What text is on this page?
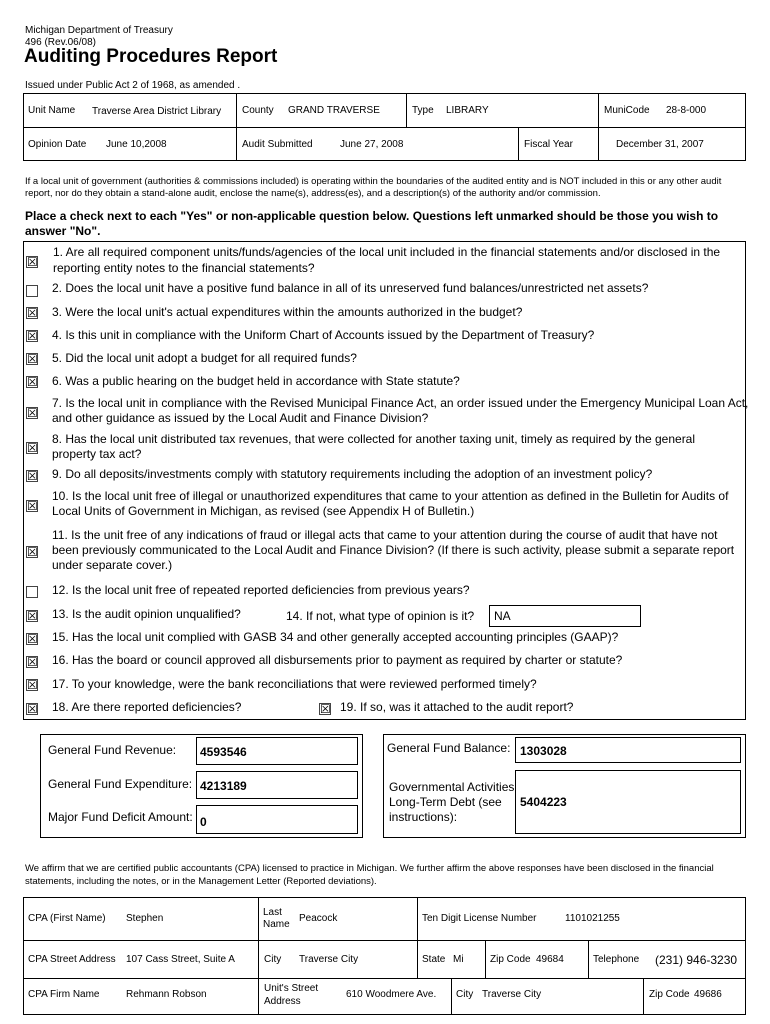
Michigan Department of Treasury
496 (Rev.06/08)
Auditing Procedures Report
Issued under Public Act 2 of 1968, as amended .
Unit Name Traverse Area District Library County GRAND TRAVERSE	Type LIBRARY	MuniCode 28-8-000
Opinion Date June 10,2008	Audit Submitted	June 27, 2008	Fiscal Year	December 31, 2007
If a local unit of government (authorities & commissions included) is operating within the boundaries of the audited entity and is NOT included in this or any other audit report, nor do they obtain a stand-alone audit, enclose the name(s), address(es), and a description(s) of the authority and/or commission.
Place a check next to each "Yes" or non-applicable question below. Questions left unmarked should be those you wish to answer "No".
☒
1. Are all required component units/funds/agencies of the local unit included in the financial statements and/or disclosed in the
reporting entity notes to the financial statements?
2. Does the local unit have a positive fund balance in all of its unreserved fund balances/unrestricted net assets?
☒ 3. Were the local unit's actual expenditures within the amounts authorized in the budget?
☒ 4. Is this unit in compliance with the Uniform Chart of Accounts issued by the Department of Treasury?
☒ 5. Did the local unit adopt a budget for all required funds?
☒ 6. Was a public hearing on the budget held in accordance with State statute?
☒
7. Is the local unit in compliance with the Revised Municipal Finance Act, an order issued under the Emergency Municipal Loan Act,
and other guidance as issued by the Local Audit and Finance Division?
☒
8. Has the local unit distributed tax revenues, that were collected for another taxing unit, timely as required by the general
property tax act?
☒ 9. Do all deposits/investments comply with statutory requirements including the adoption of an investment policy?
☒
10. Is the local unit free of illegal or unauthorized expenditures that came to your attention as defined in the Bulletin for Audits of
Local Units of Government in Michigan, as revised (see Appendix H of Bulletin.)
☒
11. Is the unit free of any indications of fraud or illegal acts that came to your attention during the course of audit that have not
been previously communicated to the Local Audit and Finance Division? (If there is such activity, please submit a separate report
under separate cover.)
12. Is the local unit free of repeated reported deficiencies from previous years?
☒ 13. Is the audit opinion unqualified?	14. If not, what type of opinion is it? NA
☒ 15. Has the local unit complied with GASB 34 and other generally accepted accounting principles (GAAP)?
☒ 16. Has the board or council approved all disbursements prior to payment as required by charter or statute?
☒ 17. To your knowledge, were the bank reconciliations that were reviewed performed timely?
☒ 18. Are there reported deficiencies?	☒ 19. If so, was it attached to the audit report?
General Fund Revenue: 4593546
General Fund Expenditure: 4213189
Major Fund Deficit Amount: 0
General Fund Balance: 1303028
Governmental Activities
Long-Term Debt (see
instructions):
5404223
We affirm that we are certified public accountants (CPA) licensed to practice in Michigan. We further affirm the above responses have been disclosed in the financial statements, including the notes, or in the Management Letter (Reported deviations).
CPA (First Name) Stephen
Last
Name
Peacock	Ten Digit License Number	1101021255
CPA Street Address 107 Cass Street, Suite A	City Traverse City	State Mi	Zip Code 49684	Telephone (231) 946-3230
CPA Firm Name	Rehmann Robson
Unit's Street
Address
610 Woodmere Ave. City Traverse City	Zip Code 49686
